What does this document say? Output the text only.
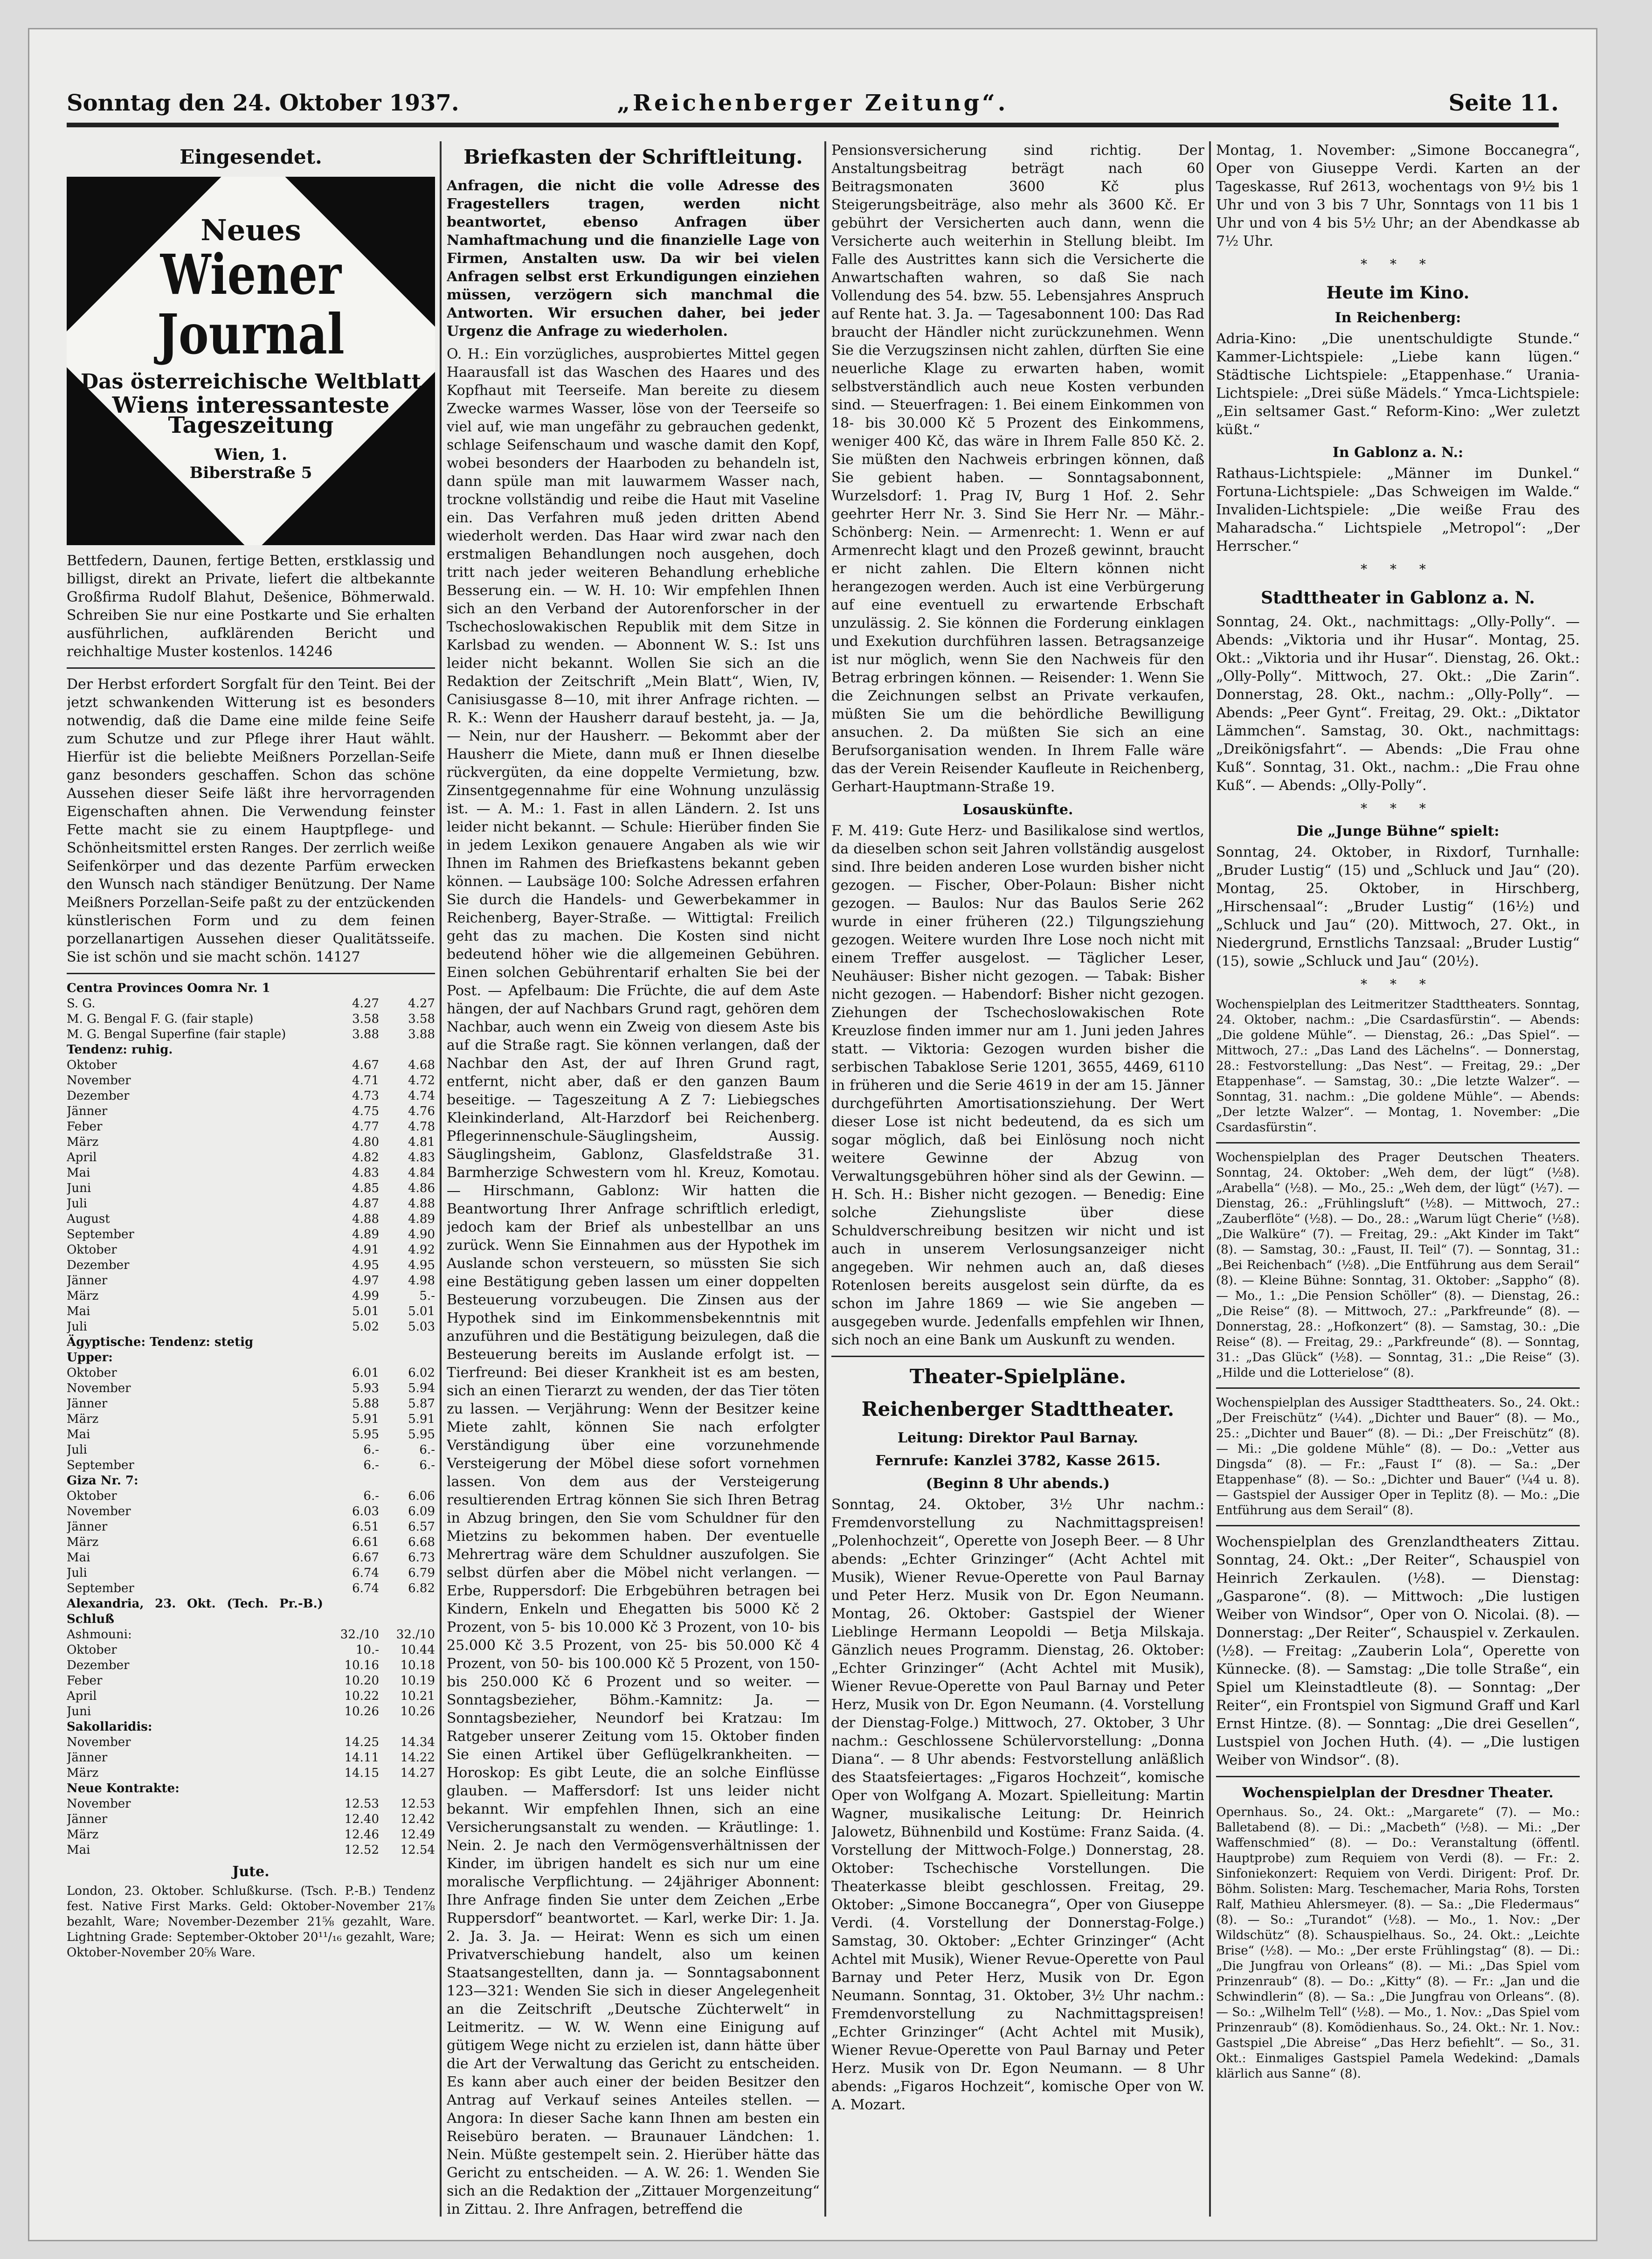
Sonntag den 24. Oktober 1937.	„Reichenberger Zeitung“.	Seite 11.
Eingesendet.
Neues
Wiener Journal
Das österreichische Weltblatt
Wiens interessanteste
Tageszeitung
Wien, 1.
Biberstraße 5

Bettfedern, Daunen, fertige Betten, erstklassig und billigst, direkt an Private, liefert die altbekannte Großfirma Rudolf Blahut, Dešenice, Böhmerwald. Schreiben Sie nur eine Postkarte und Sie erhalten ausführlichen, aufklärenden Bericht und reichhaltige Muster kostenlos. 14246

Der Herbst erfordert Sorgfalt für den Teint. Bei der jetzt schwankenden Witterung ist es besonders notwendig, daß die Dame eine milde feine Seife zum Schutze und zur Pflege ihrer Haut wählt. Hierfür ist die beliebte Meißners Porzellan-Seife ganz besonders geschaffen. Schon das schöne Aussehen dieser Seife läßt ihre hervorragenden Eigenschaften ahnen. Die Verwendung feinster Fette macht sie zu einem Hauptpflege- und Schönheitsmittel ersten Ranges. Der zerrlich weiße Seifenkörper und das dezente Parfüm erwecken den Wunsch nach ständiger Benützung. Der Name Meißners Porzellan-Seife paßt zu der entzückenden künstlerischen Form und zu dem feinen porzellanartigen Aussehen dieser Qualitätsseife. Sie ist schön und sie macht schön. 14127

Centra Provinces Oomra Nr. 1
S. G.	4.27	4.27
M. G. Bengal F. G. (fair staple)	3.58	3.58
M. G. Bengal Superfine (fair staple)	3.88	3.88
Tendenz: ruhig.		
Oktober	4.67	4.68
November	4.71	4.72
Dezember	4.73	4.74
Jänner	4.75	4.76
Feber	4.77	4.78
März	4.80	4.81
April	4.82	4.83
Mai	4.83	4.84
Juni	4.85	4.86
Juli	4.87	4.88
August	4.88	4.89
September	4.89	4.90
Oktober	4.91	4.92
Dezember	4.95	4.95
Jänner	4.97	4.98
März	4.99	5.-
Mai	5.01	5.01
Juli	5.02	5.03
Ägyptische: Tendenz: stetig		
Upper:		
Oktober	6.01	6.02
November	5.93	5.94
Jänner	5.88	5.87
März	5.91	5.91
Mai	5.95	5.95
Juli	6.-	6.-
September	6.-	6.-
Giza Nr. 7:		
Oktober	6.-	6.06
November	6.03	6.09
Jänner	6.51	6.57
März	6.61	6.68
Mai	6.67	6.73
Juli	6.74	6.79
September	6.74	6.82
Alexandria, 23. Okt. (Tech. Pr.-B.) Schluß		
Ashmouni:	32./10	32./10
Oktober	10.-	10.44
Dezember	10.16	10.18
Feber	10.20	10.19
April	10.22	10.21
Juni	10.26	10.26
Sakollaridis:		
November	14.25	14.34
Jänner	14.11	14.22
März	14.15	14.27
Neue Kontrakte:		
November	12.53	12.53
Jänner	12.40	12.42
März	12.46	12.49
Mai	12.52	12.54
Jute.

London, 23. Oktober. Schlußkurse. (Tsch. P.-B.) Tendenz fest. Native First Marks. Geld: Oktober-November 21⅞ bezahlt, Ware; November-Dezember 21⅝ gezahlt, Ware. Lightning Grade: September-Oktober 20¹¹/₁₆ gezahlt, Ware; Oktober-November 20⅝ Ware.

Briefkasten der Schriftleitung.

Anfragen, die nicht die volle Adresse des Fragestellers tragen, werden nicht beantwortet, ebenso Anfragen über Namhaftmachung und die finanzielle Lage von Firmen, Anstalten usw. Da wir bei vielen Anfragen selbst erst Erkundigungen einziehen müssen, verzögern sich manchmal die Antworten. Wir ersuchen daher, bei jeder Urgenz die Anfrage zu wiederholen.

O. H.: Ein vorzügliches, ausprobiertes Mittel gegen Haarausfall ist das Waschen des Haares und des Kopfhaut mit Teerseife. Man bereite zu diesem Zwecke warmes Wasser, löse von der Teerseife so viel auf, wie man ungefähr zu gebrauchen gedenkt, schlage Seifenschaum und wasche damit den Kopf, wobei besonders der Haarboden zu behandeln ist, dann spüle man mit lauwarmem Wasser nach, trockne vollständig und reibe die Haut mit Vaseline ein. Das Verfahren muß jeden dritten Abend wiederholt werden. Das Haar wird zwar nach den erstmaligen Behandlungen noch ausgehen, doch tritt nach jeder weiteren Behandlung erhebliche Besserung ein. — W. H. 10: Wir empfehlen Ihnen sich an den Verband der Autorenforscher in der Tschechoslowakischen Republik mit dem Sitze in Karlsbad zu wenden. — Abonnent W. S.: Ist uns leider nicht bekannt. Wollen Sie sich an die Redaktion der Zeitschrift „Mein Blatt“, Wien, IV, Canisiusgasse 8—10, mit ihrer Anfrage richten. — R. K.: Wenn der Hausherr darauf besteht, ja. — Ja, — Nein, nur der Hausherr. — Bekommt aber der Hausherr die Miete, dann muß er Ihnen dieselbe rückvergüten, da eine doppelte Vermietung, bzw. Zinsentgegennahme für eine Wohnung unzulässig ist. — A. M.: 1. Fast in allen Ländern. 2. Ist uns leider nicht bekannt. — Schule: Hierüber finden Sie in jedem Lexikon genauere Angaben als wie wir Ihnen im Rahmen des Briefkastens bekannt geben können. — Laubsäge 100: Solche Adressen erfahren Sie durch die Handels- und Gewerbekammer in Reichenberg, Bayer-Straße. — Wittigtal: Freilich geht das zu machen. Die Kosten sind nicht bedeutend höher wie die allgemeinen Gebühren. Einen solchen Gebührentarif erhalten Sie bei der Post. — Apfelbaum: Die Früchte, die auf dem Aste hängen, der auf Nachbars Grund ragt, gehören dem Nachbar, auch wenn ein Zweig von diesem Aste bis auf die Straße ragt. Sie können verlangen, daß der Nachbar den Ast, der auf Ihren Grund ragt, entfernt, nicht aber, daß er den ganzen Baum beseitige. — Tageszeitung A Z 7: Liebiegsches Kleinkinderland, Alt-Harzdorf bei Reichenberg. Pflegerinnenschule-Säuglingsheim, Aussig. Säuglingsheim, Gablonz, Glasfeldstraße 31. Barmherzige Schwestern vom hl. Kreuz, Komotau. — Hirschmann, Gablonz: Wir hatten die Beantwortung Ihrer Anfrage schriftlich erledigt, jedoch kam der Brief als unbestellbar an uns zurück. Wenn Sie Einnahmen aus der Hypothek im Auslande schon versteuern, so müssten Sie sich eine Bestätigung geben lassen um einer doppelten Besteuerung vorzubeugen. Die Zinsen aus der Hypothek sind im Einkommensbekenntnis mit anzuführen und die Bestätigung beizulegen, daß die Besteuerung bereits im Auslande erfolgt ist. — Tierfreund: Bei dieser Krankheit ist es am besten, sich an einen Tierarzt zu wenden, der das Tier töten zu lassen. — Verjährung: Wenn der Besitzer keine Miete zahlt, können Sie nach erfolgter Verständigung über eine vorzunehmende Versteigerung der Möbel diese sofort vornehmen lassen. Von dem aus der Versteigerung resultierenden Ertrag können Sie sich Ihren Betrag in Abzug bringen, den Sie vom Schuldner für den Mietzins zu bekommen haben. Der eventuelle Mehrertrag wäre dem Schuldner auszufolgen. Sie selbst dürfen aber die Möbel nicht verlangen. — Erbe, Ruppersdorf: Die Erbgebühren betragen bei Kindern, Enkeln und Ehegatten bis 5000 Kč 2 Prozent, von 5- bis 10.000 Kč 3 Prozent, von 10- bis 25.000 Kč 3.5 Prozent, von 25- bis 50.000 Kč 4 Prozent, von 50- bis 100.000 Kč 5 Prozent, von 150- bis 250.000 Kč 6 Prozent und so weiter. — Sonntagsbezieher, Böhm.-Kamnitz: Ja. — Sonntagsbezieher, Neundorf bei Kratzau: Im Ratgeber unserer Zeitung vom 15. Oktober finden Sie einen Artikel über Geflügelkrankheiten. — Horoskop: Es gibt Leute, die an solche Einflüsse glauben. — Maffersdorf: Ist uns leider nicht bekannt. Wir empfehlen Ihnen, sich an eine Versicherungsanstalt zu wenden. — Kräutlinge: 1. Nein. 2. Je nach den Vermögensverhältnissen der Kinder, im übrigen handelt es sich nur um eine moralische Verpflichtung. — 24jähriger Abonnent: Ihre Anfrage finden Sie unter dem Zeichen „Erbe Ruppersdorf“ beantwortet. — Karl, werke Dir: 1. Ja. 2. Ja. 3. Ja. — Heirat: Wenn es sich um einen Privatverschiebung handelt, also um keinen Staatsangestellten, dann ja. — Sonntagsabonnent 123—321: Wenden Sie sich in dieser Angelegenheit an die Zeitschrift „Deutsche Züchterwelt“ in Leitmeritz. — W. W. Wenn eine Einigung auf gütigem Wege nicht zu erzielen ist, dann hätte über die Art der Verwaltung das Gericht zu entscheiden. Es kann aber auch einer der beiden Besitzer den Antrag auf Verkauf seines Anteiles stellen. — Angora: In dieser Sache kann Ihnen am besten ein Reisebüro beraten. — Braunauer Ländchen: 1. Nein. Müßte gestempelt sein. 2. Hierüber hätte das Gericht zu entscheiden. — A. W. 26: 1. Wenden Sie sich an die Redaktion der „Zittauer Morgenzeitung“ in Zittau. 2. Ihre Anfragen, betreffend die

Pensionsversicherung sind richtig. Der Anstaltungsbeitrag beträgt nach 60 Beitragsmonaten 3600 Kč plus Steigerungsbeiträge, also mehr als 3600 Kč. Er gebührt der Versicherten auch dann, wenn die Versicherte auch weiterhin in Stellung bleibt. Im Falle des Austrittes kann sich die Versicherte die Anwartschaften wahren, so daß Sie nach Vollendung des 54. bzw. 55. Lebensjahres Anspruch auf Rente hat. 3. Ja. — Tagesabonnent 100: Das Rad braucht der Händler nicht zurückzunehmen. Wenn Sie die Verzugszinsen nicht zahlen, dürften Sie eine neuerliche Klage zu erwarten haben, womit selbstverständlich auch neue Kosten verbunden sind. — Steuerfragen: 1. Bei einem Einkommen von 18- bis 30.000 Kč 5 Prozent des Einkommens, weniger 400 Kč, das wäre in Ihrem Falle 850 Kč. 2. Sie müßten den Nachweis erbringen können, daß Sie gebient haben. — Sonntagsabonnent, Wurzelsdorf: 1. Prag IV, Burg 1 Hof. 2. Sehr geehrter Herr Nr. 3. Sind Sie Herr Nr. — Mähr.-Schönberg: Nein. — Armenrecht: 1. Wenn er auf Armenrecht klagt und den Prozeß gewinnt, braucht er nicht zahlen. Die Eltern können nicht herangezogen werden. Auch ist eine Verbürgerung auf eine eventuell zu erwartende Erbschaft unzulässig. 2. Sie können die Forderung einklagen und Exekution durchführen lassen. Betragsanzeige ist nur möglich, wenn Sie den Nachweis für den Betrag erbringen können. — Reisender: 1. Wenn Sie die Zeichnungen selbst an Private verkaufen, müßten Sie um die behördliche Bewilligung ansuchen. 2. Da müßten Sie sich an eine Berufsorganisation wenden. In Ihrem Falle wäre das der Verein Reisender Kaufleute in Reichenberg, Gerhart-Hauptmann-Straße 19.

Losauskünfte.

F. M. 419: Gute Herz- und Basilikalose sind wertlos, da dieselben schon seit Jahren vollständig ausgelost sind. Ihre beiden anderen Lose wurden bisher nicht gezogen. — Fischer, Ober-Polaun: Bisher nicht gezogen. — Baulos: Nur das Baulos Serie 262 wurde in einer früheren (22.) Tilgungsziehung gezogen. Weitere wurden Ihre Lose noch nicht mit einem Treffer ausgelost. — Täglicher Leser, Neuhäuser: Bisher nicht gezogen. — Tabak: Bisher nicht gezogen. — Habendorf: Bisher nicht gezogen. Ziehungen der Tschechoslowakischen Rote Kreuzlose finden immer nur am 1. Juni jeden Jahres statt. — Viktoria: Gezogen wurden bisher die serbischen Tabaklose Serie 1201, 3655, 4469, 6110 in früheren und die Serie 4619 in der am 15. Jänner durchgeführten Amortisationsziehung. Der Wert dieser Lose ist nicht bedeutend, da es sich um sogar möglich, daß bei Einlösung noch nicht weitere Gewinne der Abzug von Verwaltungsgebühren höher sind als der Gewinn. — H. Sch. H.: Bisher nicht gezogen. — Benedig: Eine solche Ziehungsliste über diese Schuldverschreibung besitzen wir nicht und ist auch in unserem Verlosungsanzeiger nicht angegeben. Wir nehmen auch an, daß dieses Rotenlosen bereits ausgelost sein dürfte, da es schon im Jahre 1869 — wie Sie angeben — ausgegeben wurde. Jedenfalls empfehlen wir Ihnen, sich noch an eine Bank um Auskunft zu wenden.

Theater-Spielpläne.
Reichenberger Stadttheater.
Leitung: Direktor Paul Barnay.
Fernrufe: Kanzlei 3782, Kasse 2615.
(Beginn 8 Uhr abends.)

Sonntag, 24. Oktober, 3½ Uhr nachm.: Fremdenvorstellung zu Nachmittagspreisen! „Polenhochzeit“, Operette von Joseph Beer. — 8 Uhr abends: „Echter Grinzinger“ (Acht Achtel mit Musik), Wiener Revue-Operette von Paul Barnay und Peter Herz. Musik von Dr. Egon Neumann. Montag, 26. Oktober: Gastspiel der Wiener Lieblinge Hermann Leopoldi — Betja Milskaja. Gänzlich neues Programm. Dienstag, 26. Oktober: „Echter Grinzinger“ (Acht Achtel mit Musik), Wiener Revue-Operette von Paul Barnay und Peter Herz, Musik von Dr. Egon Neumann. (4. Vorstellung der Dienstag-Folge.) Mittwoch, 27. Oktober, 3 Uhr nachm.: Geschlossene Schülervorstellung: „Donna Diana“. — 8 Uhr abends: Festvorstellung anläßlich des Staatsfeiertages: „Figaros Hochzeit“, komische Oper von Wolfgang A. Mozart. Spielleitung: Martin Wagner, musikalische Leitung: Dr. Heinrich Jalowetz, Bühnenbild und Kostüme: Franz Saida. (4. Vorstellung der Mittwoch-Folge.) Donnerstag, 28. Oktober: Tschechische Vorstellungen. Die Theaterkasse bleibt geschlossen. Freitag, 29. Oktober: „Simone Boccanegra“, Oper von Giuseppe Verdi. (4. Vorstellung der Donnerstag-Folge.) Samstag, 30. Oktober: „Echter Grinzinger“ (Acht Achtel mit Musik), Wiener Revue-Operette von Paul Barnay und Peter Herz, Musik von Dr. Egon Neumann. Sonntag, 31. Oktober, 3½ Uhr nachm.: Fremdenvorstellung zu Nachmittagspreisen! „Echter Grinzinger“ (Acht Achtel mit Musik), Wiener Revue-Operette von Paul Barnay und Peter Herz. Musik von Dr. Egon Neumann. — 8 Uhr abends: „Figaros Hochzeit“, komische Oper von W. A. Mozart.

Montag, 1. November: „Simone Boccanegra“, Oper von Giuseppe Verdi. Karten an der Tageskasse, Ruf 2613, wochentags von 9½ bis 1 Uhr und von 3 bis 7 Uhr, Sonntags von 11 bis 1 Uhr und von 4 bis 5½ Uhr; an der Abendkasse ab 7½ Uhr.

* * *
Heute im Kino.
In Reichenberg:

Adria-Kino: „Die unentschuldigte Stunde.“ Kammer-Lichtspiele: „Liebe kann lügen.“ Städtische Lichtspiele: „Etappenhase.“ Urania-Lichtspiele: „Drei süße Mädels.“ Ymca-Lichtspiele: „Ein seltsamer Gast.“ Reform-Kino: „Wer zuletzt küßt.“

In Gablonz a. N.:

Rathaus-Lichtspiele: „Männer im Dunkel.“ Fortuna-Lichtspiele: „Das Schweigen im Walde.“ Invaliden-Lichtspiele: „Die weiße Frau des Maharadscha.“ Lichtspiele „Metropol“: „Der Herrscher.“

* * *
Stadttheater in Gablonz a. N.

Sonntag, 24. Okt., nachmittags: „Olly-Polly“. — Abends: „Viktoria und ihr Husar“. Montag, 25. Okt.: „Viktoria und ihr Husar“. Dienstag, 26. Okt.: „Olly-Polly“. Mittwoch, 27. Okt.: „Die Zarin“. Donnerstag, 28. Okt., nachm.: „Olly-Polly“. — Abends: „Peer Gynt“. Freitag, 29. Okt.: „Diktator Lämmchen“. Samstag, 30. Okt., nachmittags: „Dreikönigsfahrt“. — Abends: „Die Frau ohne Kuß“. Sonntag, 31. Okt., nachm.: „Die Frau ohne Kuß“. — Abends: „Olly-Polly“.

* * *
Die „Junge Bühne“ spielt:

Sonntag, 24. Oktober, in Rixdorf, Turnhalle: „Bruder Lustig“ (15) und „Schluck und Jau“ (20). Montag, 25. Oktober, in Hirschberg, „Hirschensaal“: „Bruder Lustig“ (16½) und „Schluck und Jau“ (20). Mittwoch, 27. Okt., in Niedergrund, Ernstlichs Tanzsaal: „Bruder Lustig“ (15), sowie „Schluck und Jau“ (20½).

* * *

Wochenspielplan des Leitmeritzer Stadttheaters. Sonntag, 24. Oktober, nachm.: „Die Csardasfürstin“. — Abends: „Die goldene Mühle“. — Dienstag, 26.: „Das Spiel“. — Mittwoch, 27.: „Das Land des Lächelns“. — Donnerstag, 28.: Festvorstellung: „Das Nest“. — Freitag, 29.: „Der Etappenhase“. — Samstag, 30.: „Die letzte Walzer“. — Sonntag, 31. nachm.: „Die goldene Mühle“. — Abends: „Der letzte Walzer“. — Montag, 1. November: „Die Csardasfürstin“.

Wochenspielplan des Prager Deutschen Theaters. Sonntag, 24. Oktober: „Weh dem, der lügt“ (½8). „Arabella“ (½8). — Mo., 25.: „Weh dem, der lügt“ (½7). — Dienstag, 26.: „Frühlingsluft“ (½8). — Mittwoch, 27.: „Zauberflöte“ (½8). — Do., 28.: „Warum lügt Cherie“ (½8). „Die Walküre“ (7). — Freitag, 29.: „Akt Kinder im Takt“ (8). — Samstag, 30.: „Faust, II. Teil“ (7). — Sonntag, 31.: „Bei Reichenbach“ (½8). „Die Entführung aus dem Serail“ (8). — Kleine Bühne: Sonntag, 31. Oktober: „Sappho“ (8). — Mo., 1.: „Die Pension Schöller“ (8). — Dienstag, 26.: „Die Reise“ (8). — Mittwoch, 27.: „Parkfreunde“ (8). — Donnerstag, 28.: „Hofkonzert“ (8). — Samstag, 30.: „Die Reise“ (8). — Freitag, 29.: „Parkfreunde“ (8). — Sonntag, 31.: „Das Glück“ (½8). — Sonntag, 31.: „Die Reise“ (3). „Hilde und die Lotterielose“ (8).

Wochenspielplan des Aussiger Stadttheaters. So., 24. Okt.: „Der Freischütz“ (¼4). „Dichter und Bauer“ (8). — Mo., 25.: „Dichter und Bauer“ (8). — Di.: „Der Freischütz“ (8). — Mi.: „Die goldene Mühle“ (8). — Do.: „Vetter aus Dingsda“ (8). — Fr.: „Faust I“ (8). — Sa.: „Der Etappenhase“ (8). — So.: „Dichter und Bauer“ (¼4 u. 8). — Gastspiel der Aussiger Oper in Teplitz (8). — Mo.: „Die Entführung aus dem Serail“ (8).

Wochenspielplan des Grenzlandtheaters Zittau. Sonntag, 24. Okt.: „Der Reiter“, Schauspiel von Heinrich Zerkaulen. (½8). — Dienstag: „Gasparone“. (8). — Mittwoch: „Die lustigen Weiber von Windsor“, Oper von O. Nicolai. (8). — Donnerstag: „Der Reiter“, Schauspiel v. Zerkaulen. (½8). — Freitag: „Zauberin Lola“, Operette von Künnecke. (8). — Samstag: „Die tolle Straße“, ein Spiel um Kleinstadtleute (8). — Sonntag: „Der Reiter“, ein Frontspiel von Sigmund Graff und Karl Ernst Hintze. (8). — Sonntag: „Die drei Gesellen“, Lustspiel von Jochen Huth. (4). — „Die lustigen Weiber von Windsor“. (8).

Wochenspielplan der Dresdner Theater.

Opernhaus. So., 24. Okt.: „Margarete“ (7). — Mo.: Balletabend (8). — Di.: „Macbeth“ (½8). — Mi.: „Der Waffenschmied“ (8). — Do.: Veranstaltung (öffentl. Hauptprobe) zum Requiem von Verdi (8). — Fr.: 2. Sinfoniekonzert: Requiem von Verdi. Dirigent: Prof. Dr. Böhm. Solisten: Marg. Teschemacher, Maria Rohs, Torsten Ralf, Mathieu Ahlersmeyer. (8). — Sa.: „Die Fledermaus“ (8). — So.: „Turandot“ (½8). — Mo., 1. Nov.: „Der Wildschütz“ (8). Schauspielhaus. So., 24. Okt.: „Leichte Brise“ (½8). — Mo.: „Der erste Frühlingstag“ (8). — Di.: „Die Jungfrau von Orleans“ (8). — Mi.: „Das Spiel vom Prinzenraub“ (8). — Do.: „Kitty“ (8). — Fr.: „Jan und die Schwindlerin“ (8). — Sa.: „Die Jungfrau von Orleans“. (8). — So.: „Wilhelm Tell“ (½8). — Mo., 1. Nov.: „Das Spiel vom Prinzenraub“ (8). Komödienhaus. So., 24. Okt.: Nr. 1. Nov.: Gastspiel „Die Abreise“ „Das Herz befiehlt“. — So., 31. Okt.: Einmaliges Gastspiel Pamela Wedekind: „Damals klärlich aus Sanne“ (8).
